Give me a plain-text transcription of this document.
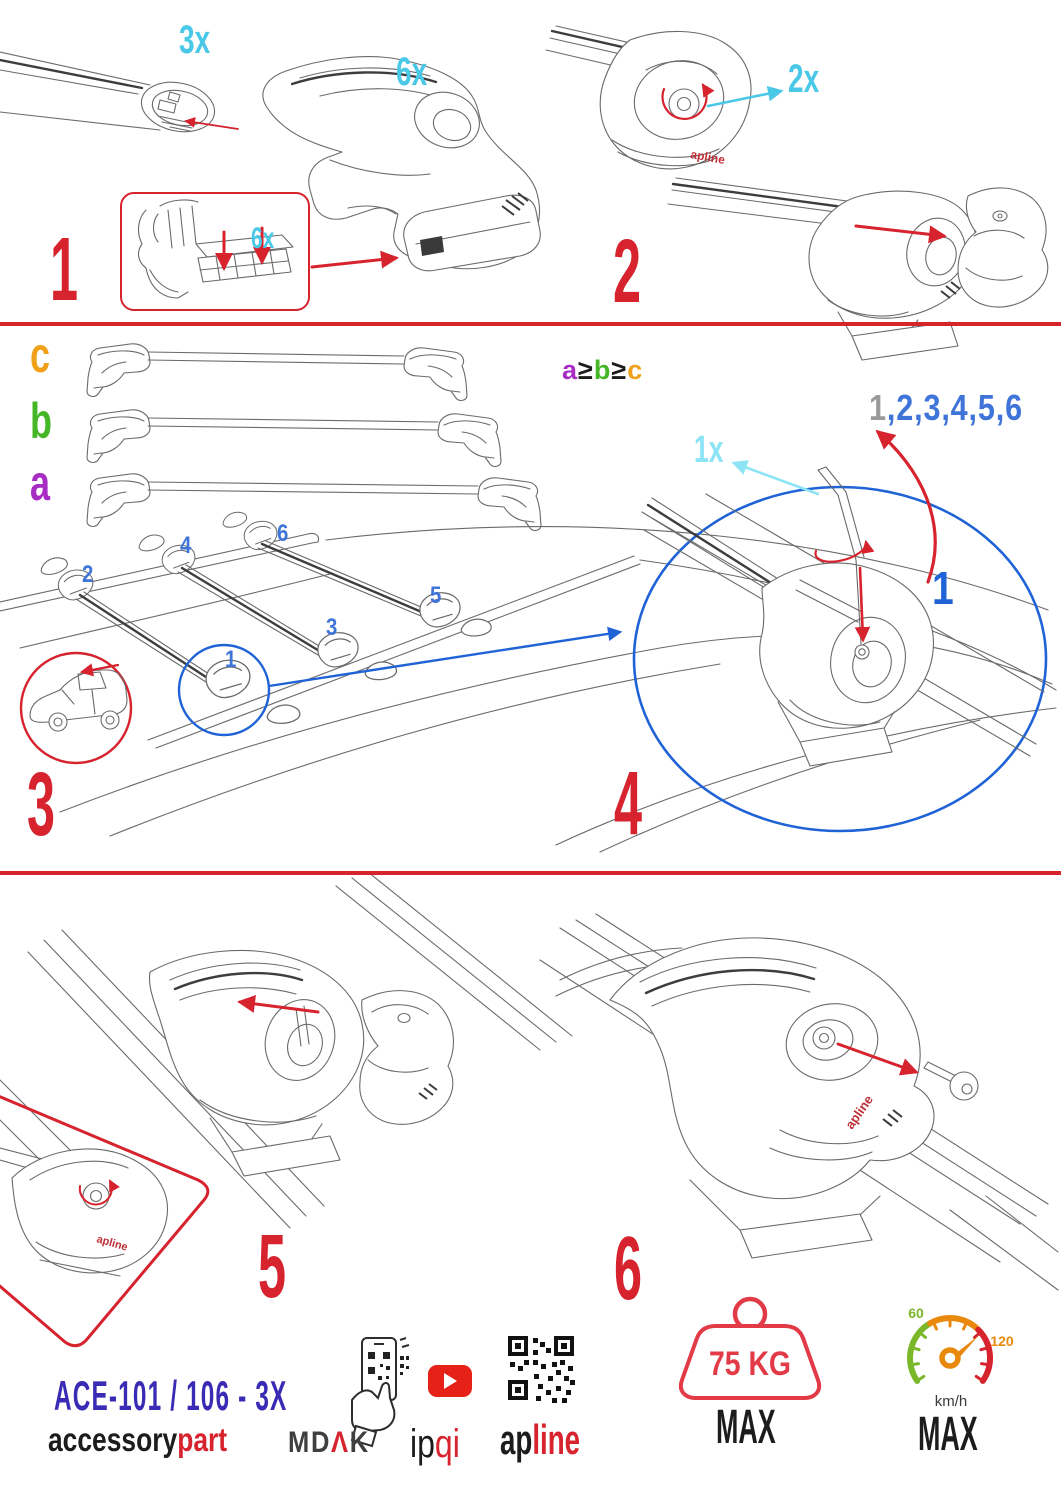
apline
apline
apline
3x
6x
6x
1
2x
2
c
b
a
2
4	6
3
5
1
3
a≥b≥c
1,2,3,4,5,6
1x
1
4
5	6
ACE-101 / 106 - 3X
accessorypart MDΛK ipqi apline
75 KG
MAX
60
120
km/h
MAX
